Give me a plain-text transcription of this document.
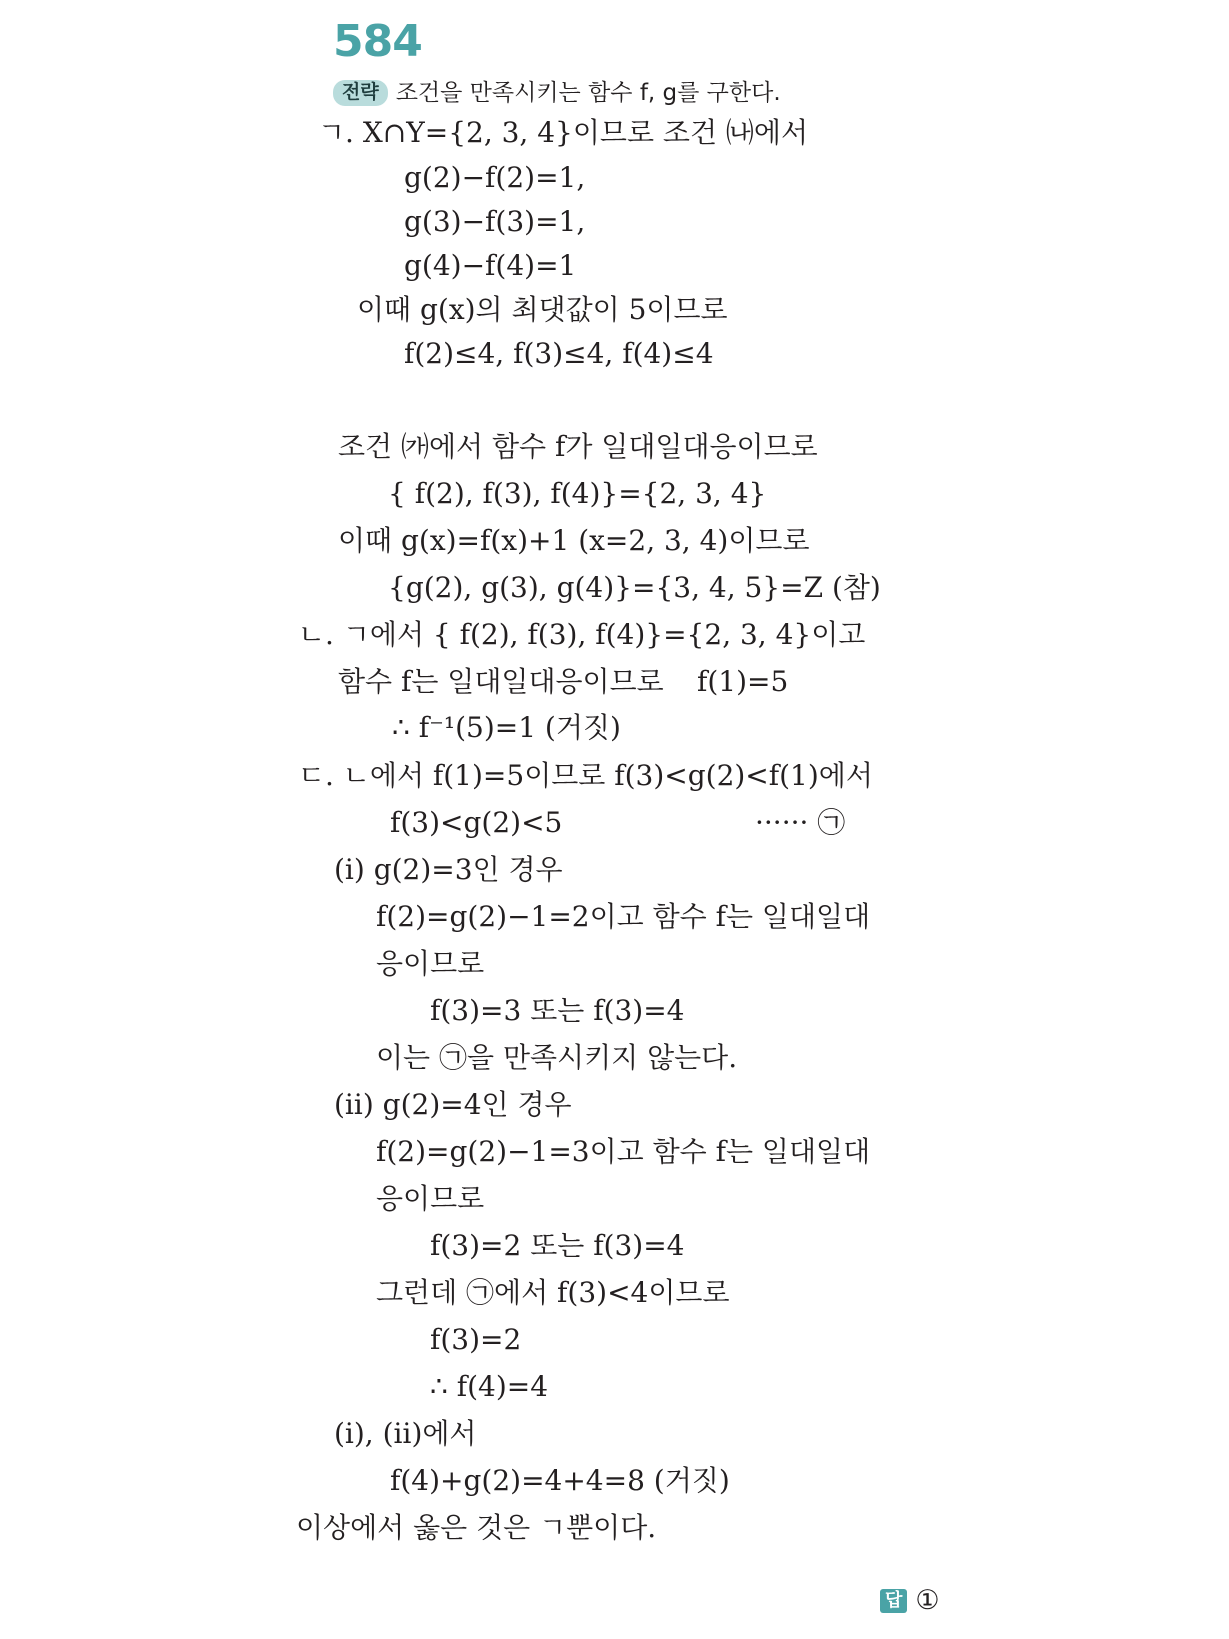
584
전략 조건을 만족시키는 함수 f, g를 구한다.
ㄱ. X∩Y={2, 3, 4}이므로 조건 ㈏에서
g(2)−f(2)=1,
g(3)−f(3)=1,
g(4)−f(4)=1
이때 g(x)의 최댓값이 5이므로
f(2)≤4, f(3)≤4, f(4)≤4
조건 ㈎에서 함수 f가 일대일대응이므로
{ f(2), f(3), f(4)}={2, 3, 4}
이때 g(x)=f(x)+1 (x=2, 3, 4)이므로
{g(2), g(3), g(4)}={3, 4, 5}=Z (참)
ㄴ. ㄱ에서 { f(2), f(3), f(4)}={2, 3, 4}이고
함수 f는 일대일대응이므로 f(1)=5
∴ f⁻¹(5)=1 (거짓)
ㄷ. ㄴ에서 f(1)=5이므로 f(3)<g(2)<f(1)에서
f(3)<g(2)<5	······ ㉠
(ⅰ) g(2)=3인 경우
f(2)=g(2)−1=2이고 함수 f는 일대일대
응이므로
f(3)=3 또는 f(3)=4
이는 ㉠을 만족시키지 않는다.
(ⅱ) g(2)=4인 경우
f(2)=g(2)−1=3이고 함수 f는 일대일대
응이므로
f(3)=2 또는 f(3)=4
그런데 ㉠에서 f(3)<4이므로
f(3)=2
∴ f(4)=4
(ⅰ), (ⅱ)에서
f(4)+g(2)=4+4=8 (거짓)
이상에서 옳은 것은 ㄱ뿐이다.
답 ①
